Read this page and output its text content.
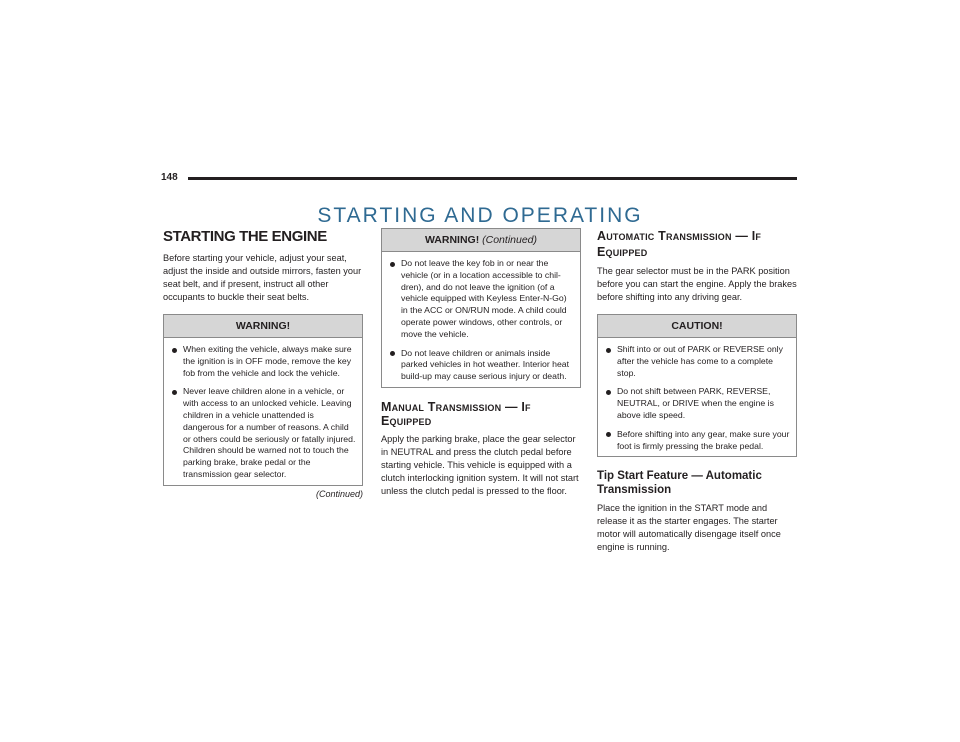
148
STARTING AND OPERATING
STARTING THE ENGINE

Before starting your vehicle, adjust your seat, adjust the inside and outside mirrors, fasten your seat belt, and if present, instruct all other occupants to buckle their seat belts.

WARNING!
When exiting the vehicle, always make sure the ignition is in OFF mode, remove the key fob from the vehicle and lock the vehicle.
Never leave children alone in a vehicle, or with access to an unlocked vehicle. Leaving children in a vehicle unattended is dangerous for a number of reasons. A child or others could be seriously or fatally injured. Children should be warned not to touch the parking brake, brake pedal or the transmission gear selector.
(Continued)
WARNING! (Continued)
Do not leave the key fob in or near the vehicle (or in a location accessible to chil-dren), and do not leave the ignition (of a vehicle equipped with Keyless Enter-N-Go) in the ACC or ON/RUN mode. A child could operate power windows, other controls, or move the vehicle.
Do not leave children or animals inside parked vehicles in hot weather. Interior heat build-up may cause serious injury or death.
Manual Transmission — If Equipped

Apply the parking brake, place the gear selector in NEUTRAL and press the clutch pedal before starting vehicle. This vehicle is equipped with a clutch interlocking ignition system. It will not start unless the clutch pedal is pressed to the floor.

Automatic Transmission — If Equipped

The gear selector must be in the PARK position before you can start the engine. Apply the brakes before shifting into any driving gear.

CAUTION!
Shift into or out of PARK or REVERSE only after the vehicle has come to a complete stop.
Do not shift between PARK, REVERSE, NEUTRAL, or DRIVE when the engine is above idle speed.
Before shifting into any gear, make sure your foot is firmly pressing the brake pedal.
Tip Start Feature — Automatic Transmission

Place the ignition in the START mode and release it as the starter engages. The starter motor will automatically disengage itself once engine is running.
